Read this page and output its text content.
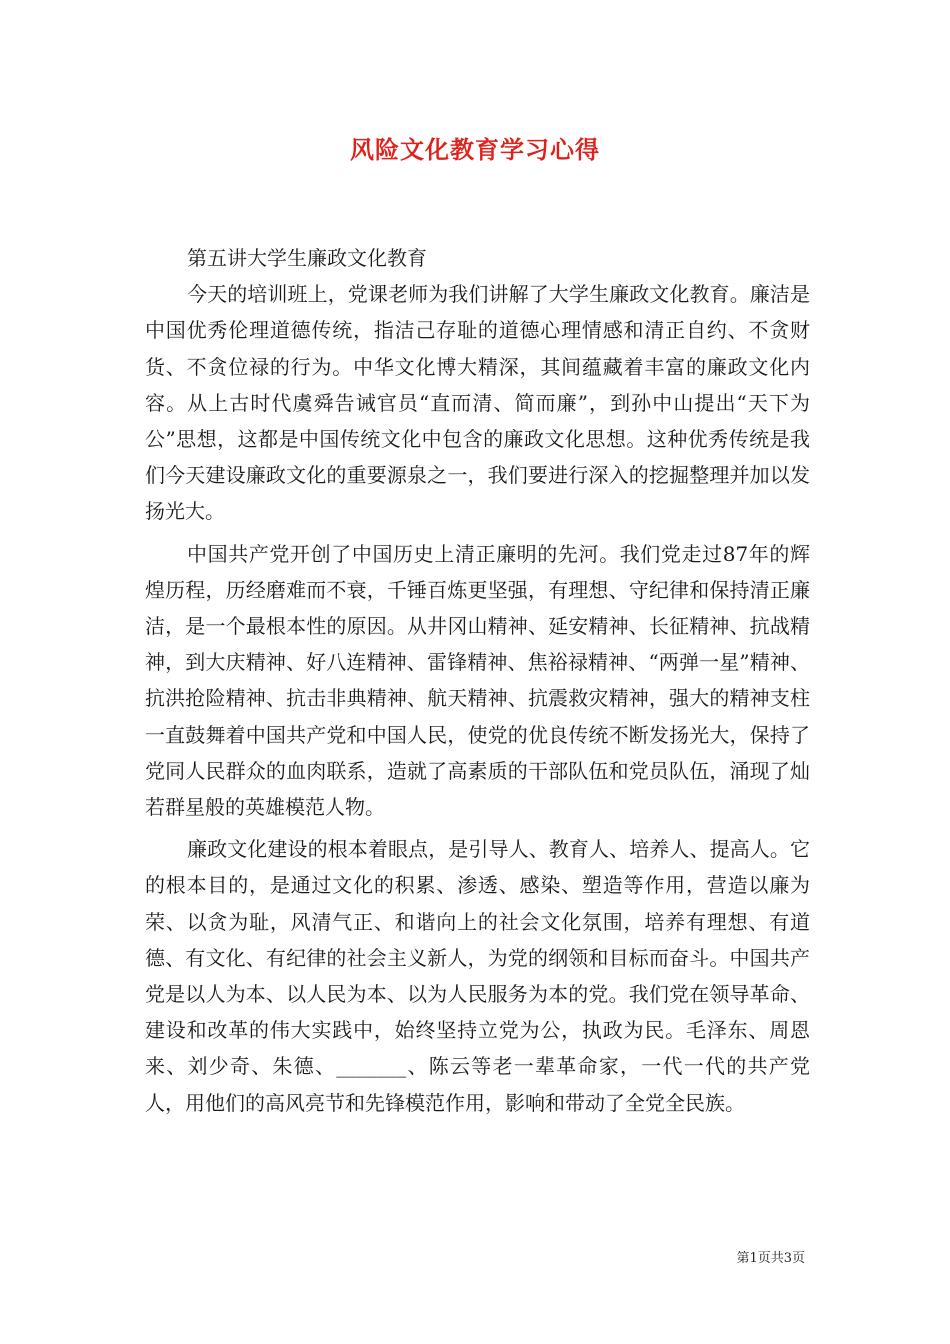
风险文化教育学习心得

第五讲大学生廉政文化教育

今天的培训班上，党课老师为我们讲解了大学生廉政文化教育。廉洁是中国优秀伦理道德传统，指洁己存耻的道德心理情感和清正自约、不贪财货、不贪位禄的行为。中华文化博大精深，其间蕴藏着丰富的廉政文化内容。从上古时代虞舜告诫官员“直而清、简而廉”，到孙中山提出“天下为公”思想，这都是中国传统文化中包含的廉政文化思想。这种优秀传统是我们今天建设廉政文化的重要源泉之一，我们要进行深入的挖掘整理并加以发扬光大。

中国共产党开创了中国历史上清正廉明的先河。我们党走过87年的辉煌历程，历经磨难而不衰，千锤百炼更坚强，有理想、守纪律和保持清正廉洁，是一个最根本性的原因。从井冈山精神、延安精神、长征精神、抗战精神，到大庆精神、好八连精神、雷锋精神、焦裕禄精神、“两弹一星”精神、抗洪抢险精神、抗击非典精神、航天精神、抗震救灾精神，强大的精神支柱一直鼓舞着中国共产党和中国人民，使党的优良传统不断发扬光大，保持了党同人民群众的血肉联系，造就了高素质的干部队伍和党员队伍，涌现了灿若群星般的英雄模范人物。

廉政文化建设的根本着眼点，是引导人、教育人、培养人、提高人。它的根本目的，是通过文化的积累、渗透、感染、塑造等作用，营造以廉为荣、以贪为耻，风清气正、和谐向上的社会文化氛围，培养有理想、有道德、有文化、有纪律的社会主义新人，为党的纲领和目标而奋斗。中国共产党是以人为本、以人民为本、以为人民服务为本的党。我们党在领导革命、建设和改革的伟大实践中，始终坚持立党为公，执政为民。毛泽东、周恩来、刘少奇、朱德、_______、陈云等老一辈革命家，一代一代的共产党人，用他们的高风亮节和先锋模范作用，影响和带动了全党全民族。

第1页共3页
